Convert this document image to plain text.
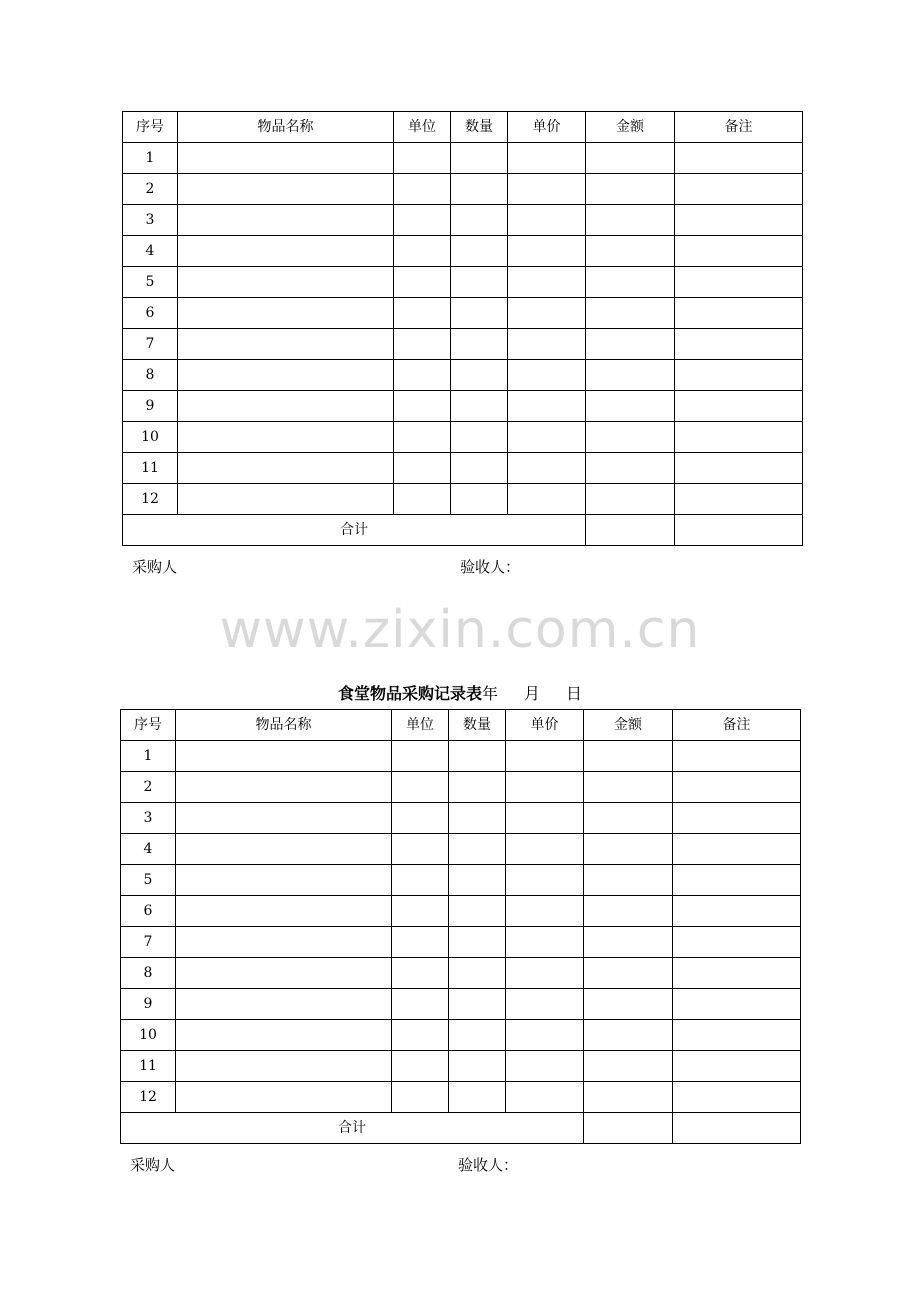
序号	物品名称	单位	数量	单价	金额	备注
1						
2						
3						
4						
5						
6						
7						
8						
9						
10						
11						
12						
合计						
采购人	验收人：
www.zixin.com.cn
食堂物品采购记录表年 月 日
序号	物品名称	单位	数量	单价	金额	备注
1						
2						
3						
4						
5						
6						
7						
8						
9						
10						
11						
12						
合计						
采购人	验收人：
